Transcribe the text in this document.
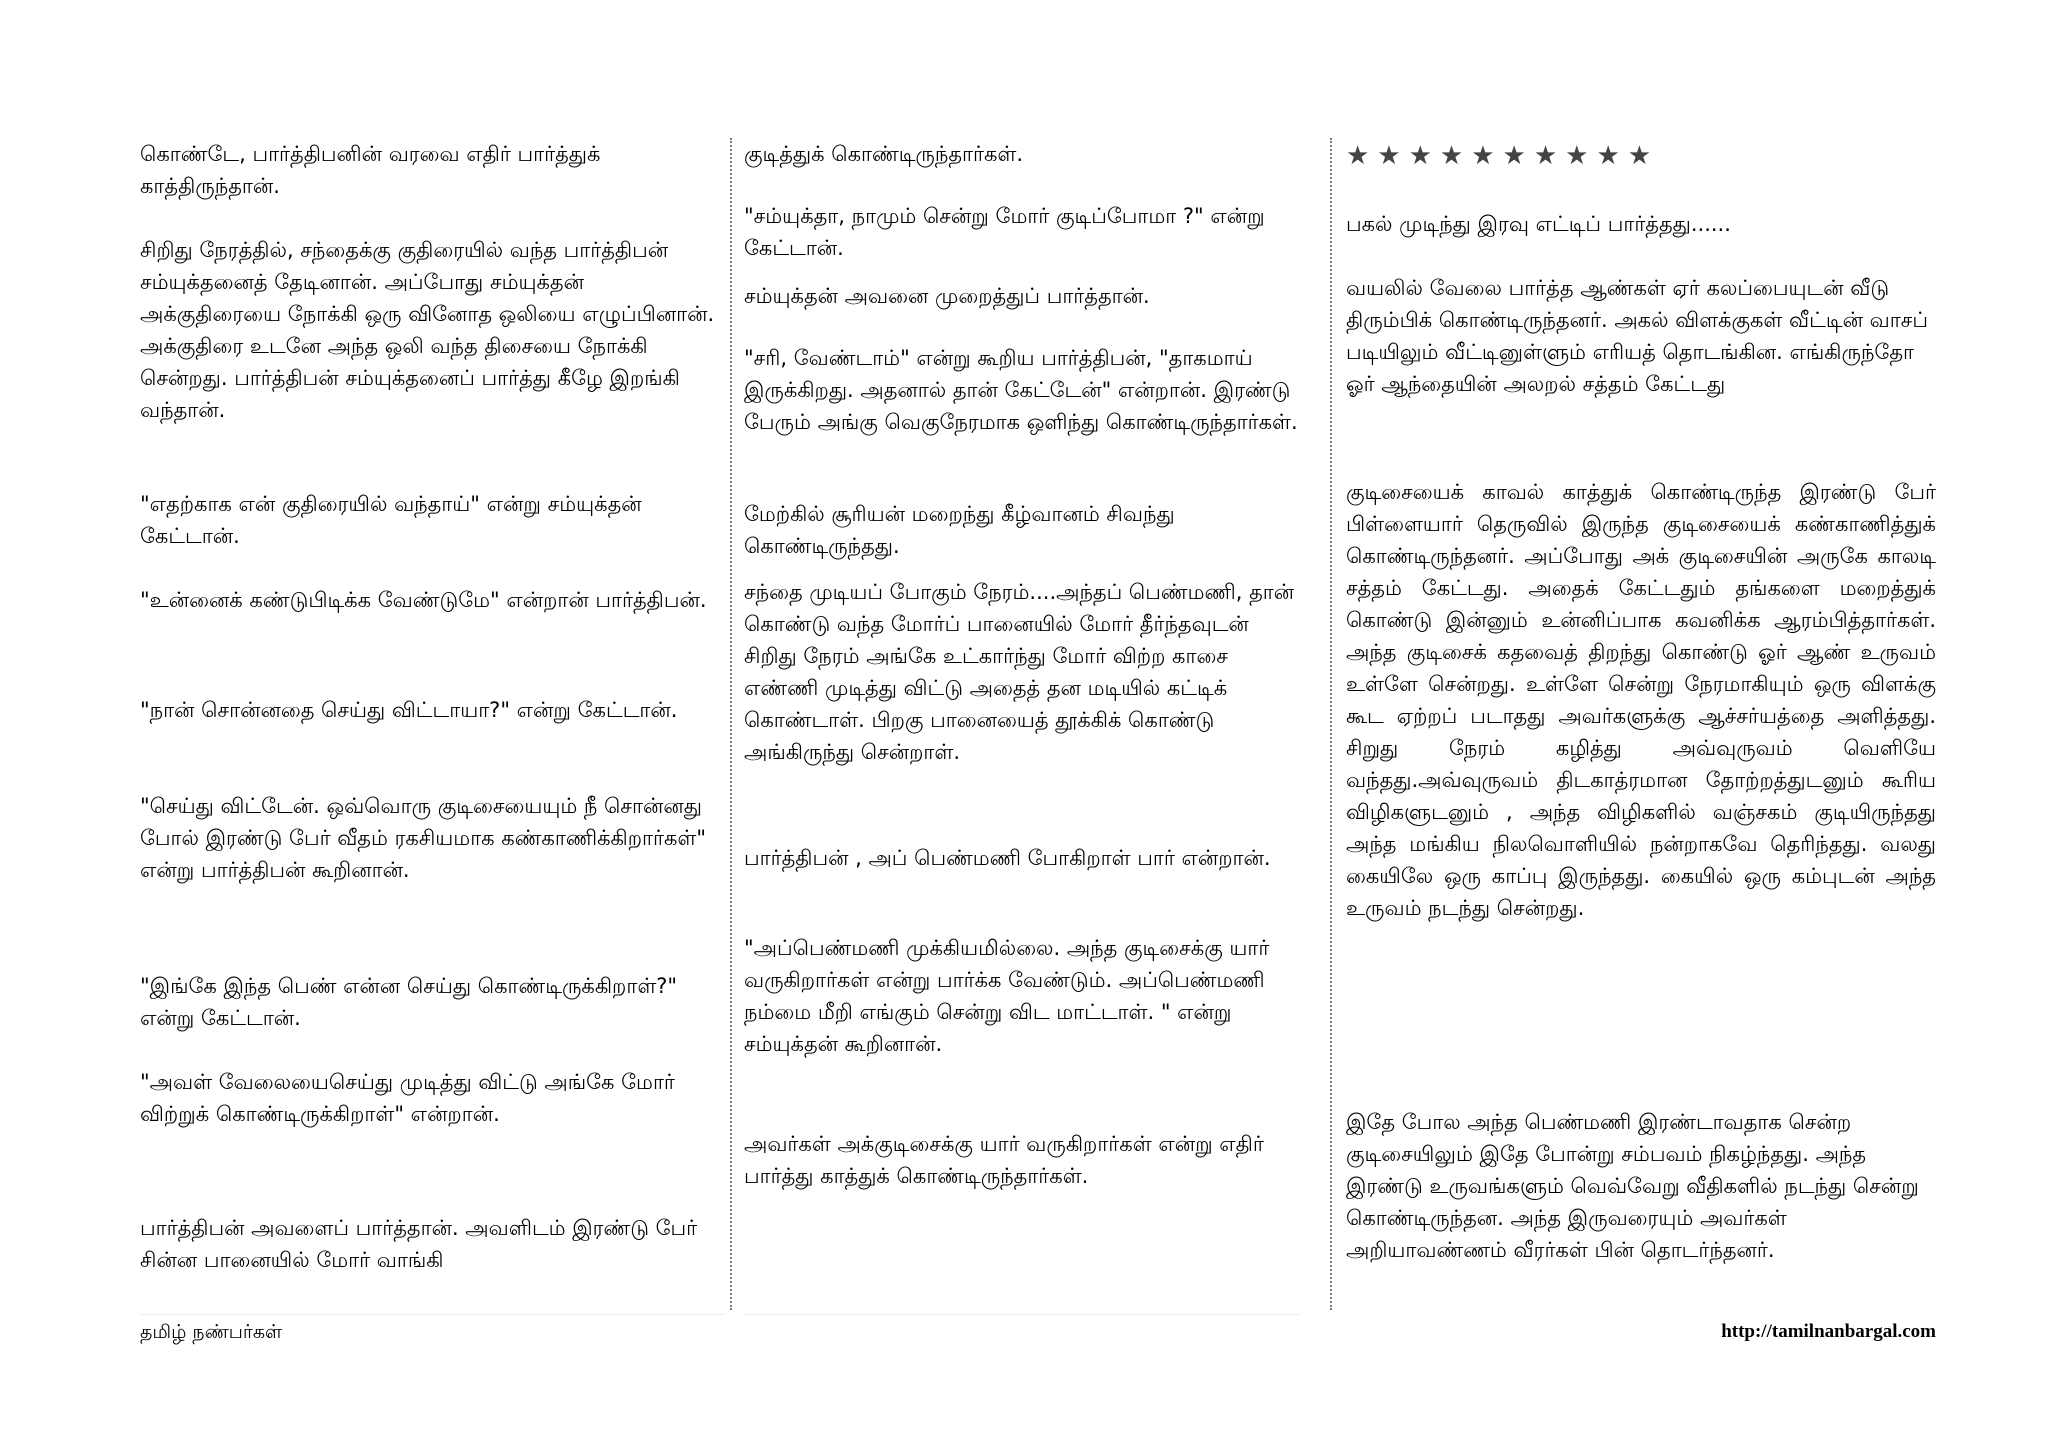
கொண்டே, பார்த்திபனின் வரவை எதிர் பார்த்துக் காத்திருந்தான்.

சிறிது நேரத்தில், சந்தைக்கு குதிரையில் வந்த பார்த்திபன் சம்யுக்தனைத் தேடினான். அப்போது சம்யுக்தன் அக்குதிரையை நோக்கி ஒரு வினோத ஒலியை எழுப்பினான். அக்குதிரை உடனே அந்த ஒலி வந்த திசையை நோக்கி சென்றது. பார்த்திபன் சம்யுக்தனைப் பார்த்து கீழே இறங்கி வந்தான்.

"எதற்காக என் குதிரையில் வந்தாய்" என்று சம்யுக்தன் கேட்டான்.

"உன்னைக் கண்டுபிடிக்க வேண்டுமே" என்றான் பார்த்திபன்.

"நான் சொன்னதை செய்து விட்டாயா?" என்று கேட்டான்.

"செய்து விட்டேன். ஒவ்வொரு குடிசையையும் நீ சொன்னது போல் இரண்டு பேர் வீதம் ரகசியமாக கண்காணிக்கிறார்கள்" என்று பார்த்திபன் கூறினான்.

"இங்கே இந்த பெண் என்ன செய்து கொண்டிருக்கிறாள்?" என்று கேட்டான்.

"அவள் வேலையைசெய்து முடித்து விட்டு அங்கே மோர் விற்றுக் கொண்டிருக்கிறாள்" என்றான்.

பார்த்திபன் அவளைப் பார்த்தான். அவளிடம் இரண்டு பேர் சின்ன பானையில் மோர் வாங்கி

குடித்துக் கொண்டிருந்தார்கள்.

"சம்யுக்தா, நாமும் சென்று மோர் குடிப்போமா ?" என்று கேட்டான்.

சம்யுக்தன் அவனை முறைத்துப் பார்த்தான்.

"சரி, வேண்டாம்" என்று கூறிய பார்த்திபன், "தாகமாய் இருக்கிறது. அதனால் தான் கேட்டேன்" என்றான். இரண்டு பேரும் அங்கு வெகுநேரமாக ஒளிந்து கொண்டிருந்தார்கள்.

மேற்கில் சூரியன் மறைந்து கீழ்வானம் சிவந்து கொண்டிருந்தது.

சந்தை முடியப் போகும் நேரம்....அந்தப் பெண்மணி, தான் கொண்டு வந்த மோர்ப் பானையில் மோர் தீர்ந்தவுடன் சிறிது நேரம் அங்கே உட்கார்ந்து மோர் விற்ற காசை எண்ணி முடித்து விட்டு அதைத் தன மடியில் கட்டிக் கொண்டாள். பிறகு பானையைத் தூக்கிக் கொண்டு அங்கிருந்து சென்றாள்.

பார்த்திபன் , அப் பெண்மணி போகிறாள் பார் என்றான்.

"அப்பெண்மணி முக்கியமில்லை. அந்த குடிசைக்கு யார் வருகிறார்கள் என்று பார்க்க வேண்டும். அப்பெண்மணி நம்மை மீறி எங்கும் சென்று விட மாட்டாள். " என்று சம்யுக்தன் கூறினான்.

அவர்கள் அக்குடிசைக்கு யார் வருகிறார்கள் என்று எதிர் பார்த்து காத்துக் கொண்டிருந்தார்கள்.

★★★★★★★★★★

பகல் முடிந்து இரவு எட்டிப் பார்த்தது......

வயலில் வேலை பார்த்த ஆண்கள் ஏர் கலப்பையுடன் வீடு திரும்பிக் கொண்டிருந்தனர். அகல் விளக்குகள் வீட்டின் வாசப் படியிலும் வீட்டினுள்ளும் எரியத் தொடங்கின. எங்கிருந்தோ ஓர் ஆந்தையின் அலறல் சத்தம் கேட்டது

குடிசையைக் காவல் காத்துக் கொண்டிருந்த இரண்டு பேர் பிள்ளையார் தெருவில் இருந்த குடிசையைக் கண்காணித்துக் கொண்டிருந்தனர். அப்போது அக் குடிசையின் அருகே காலடி சத்தம் கேட்டது. அதைக் கேட்டதும் தங்களை மறைத்துக் கொண்டு இன்னும் உன்னிப்பாக கவனிக்க ஆரம்பித்தார்கள். அந்த குடிசைக் கதவைத் திறந்து கொண்டு ஓர் ஆண் உருவம் உள்ளே சென்றது. உள்ளே சென்று நேரமாகியும் ஒரு விளக்கு கூட ஏற்றப் படாதது அவர்களுக்கு ஆச்சர்யத்தை அளித்தது. சிறுது நேரம் கழித்து அவ்வுருவம் வெளியே வந்தது.அவ்வுருவம் திடகாத்ரமான தோற்றத்துடனும் கூரிய விழிகளுடனும் , அந்த விழிகளில் வஞ்சகம் குடியிருந்தது அந்த மங்கிய நிலவொளியில் நன்றாகவே தெரிந்தது. வலது கையிலே ஒரு காப்பு இருந்தது. கையில் ஒரு கம்புடன் அந்த உருவம் நடந்து சென்றது.

இதே போல அந்த பெண்மணி இரண்டாவதாக சென்ற குடிசையிலும் இதே போன்று சம்பவம் நிகழ்ந்தது. அந்த இரண்டு உருவங்களும் வெவ்வேறு வீதிகளில் நடந்து சென்று கொண்டிருந்தன. அந்த இருவரையும் அவர்கள் அறியாவண்ணம் வீரர்கள் பின் தொடர்ந்தனர்.

தமிழ் நண்பர்கள்	http://tamilnanbargal.com
